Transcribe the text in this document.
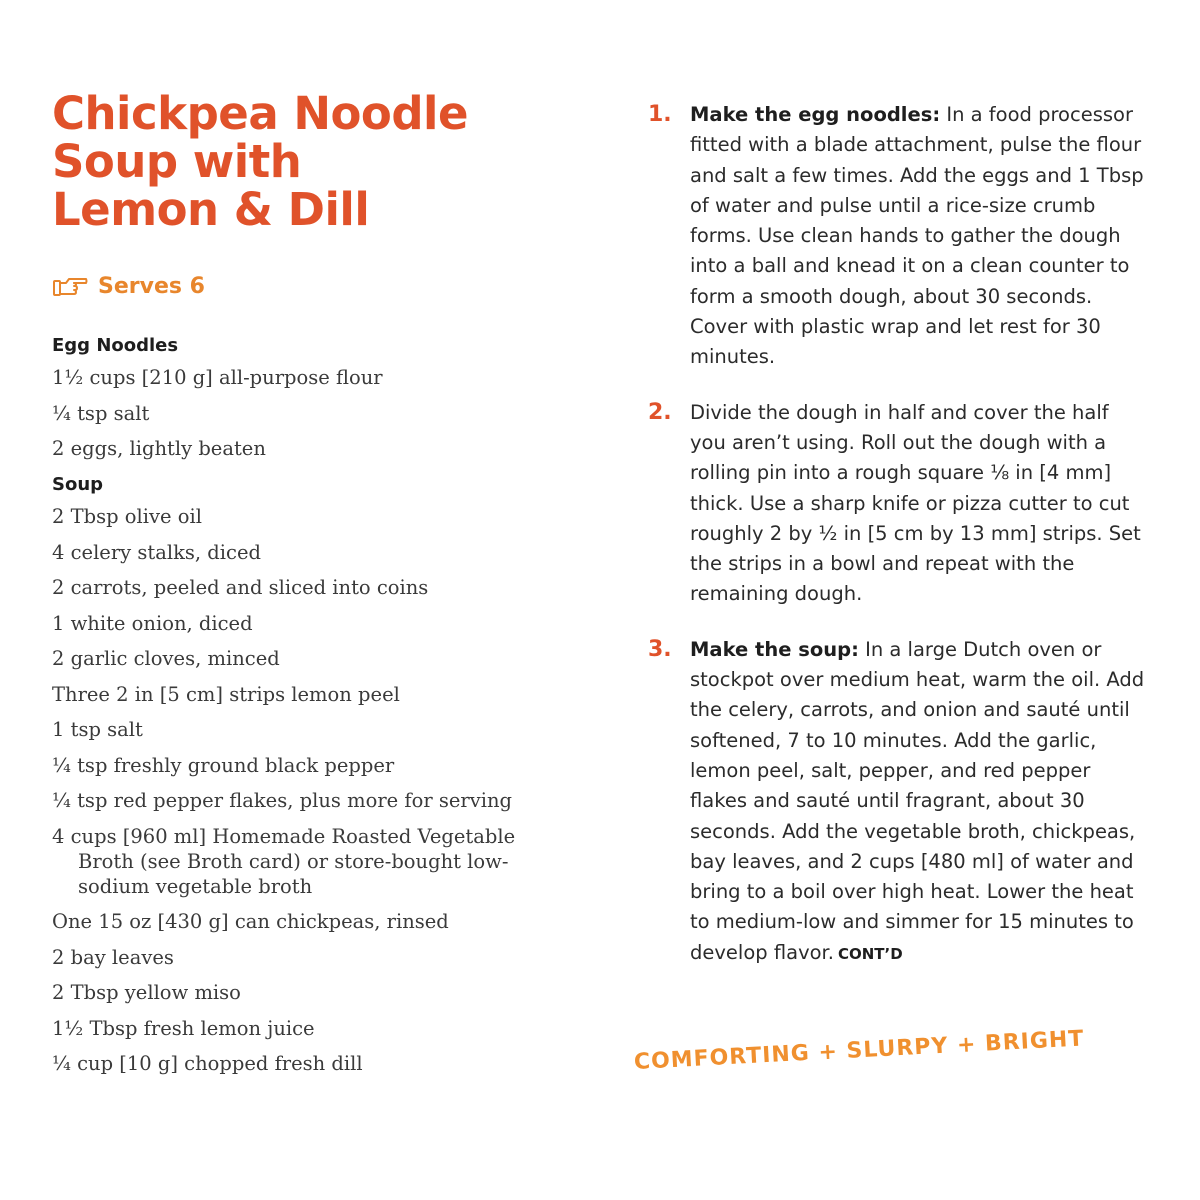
Chickpea Noodle
Soup with
Lemon & Dill
Serves 6
Egg Noodles
1½ cups [210 g] all-purpose flour
¼ tsp salt
2 eggs, lightly beaten
Soup
2 Tbsp olive oil
4 celery stalks, diced
2 carrots, peeled and sliced into coins
1 white onion, diced
2 garlic cloves, minced
Three 2 in [5 cm] strips lemon peel
1 tsp salt
¼ tsp freshly ground black pepper
¼ tsp red pepper flakes, plus more for serving
4 cups [960 ml] Homemade Roasted Vegetable Broth (see Broth card) or store-bought low-sodium vegetable broth
One 15 oz [430 g] can chickpeas, rinsed
2 bay leaves
2 Tbsp yellow miso
1½ Tbsp fresh lemon juice
¼ cup [10 g] chopped fresh dill
1. Make the egg noodles: In a food processor fitted with a blade attachment, pulse the flour and salt a few times. Add the eggs and 1 Tbsp of water and pulse until a rice-size crumb forms. Use clean hands to gather the dough into a ball and knead it on a clean counter to form a smooth dough, about 30 seconds. Cover with plastic wrap and let rest for 30 minutes.
2. Divide the dough in half and cover the half you aren’t using. Roll out the dough with a rolling pin into a rough square ⅛ in [4 mm] thick. Use a sharp knife or pizza cutter to cut roughly 2 by ½ in [5 cm by 13 mm] strips. Set the strips in a bowl and repeat with the remaining dough.
3. Make the soup: In a large Dutch oven or stockpot over medium heat, warm the oil. Add the celery, carrots, and onion and sauté until softened, 7 to 10 minutes. Add the garlic, lemon peel, salt, pepper, and red pepper flakes and sauté until fragrant, about 30 seconds. Add the vegetable broth, chickpeas, bay leaves, and 2 cups [480 ml] of water and bring to a boil over high heat. Lower the heat to medium-low and simmer for 15 minutes to develop flavor. CONT’D
COMFORTING + SLURPY + BRIGHT
